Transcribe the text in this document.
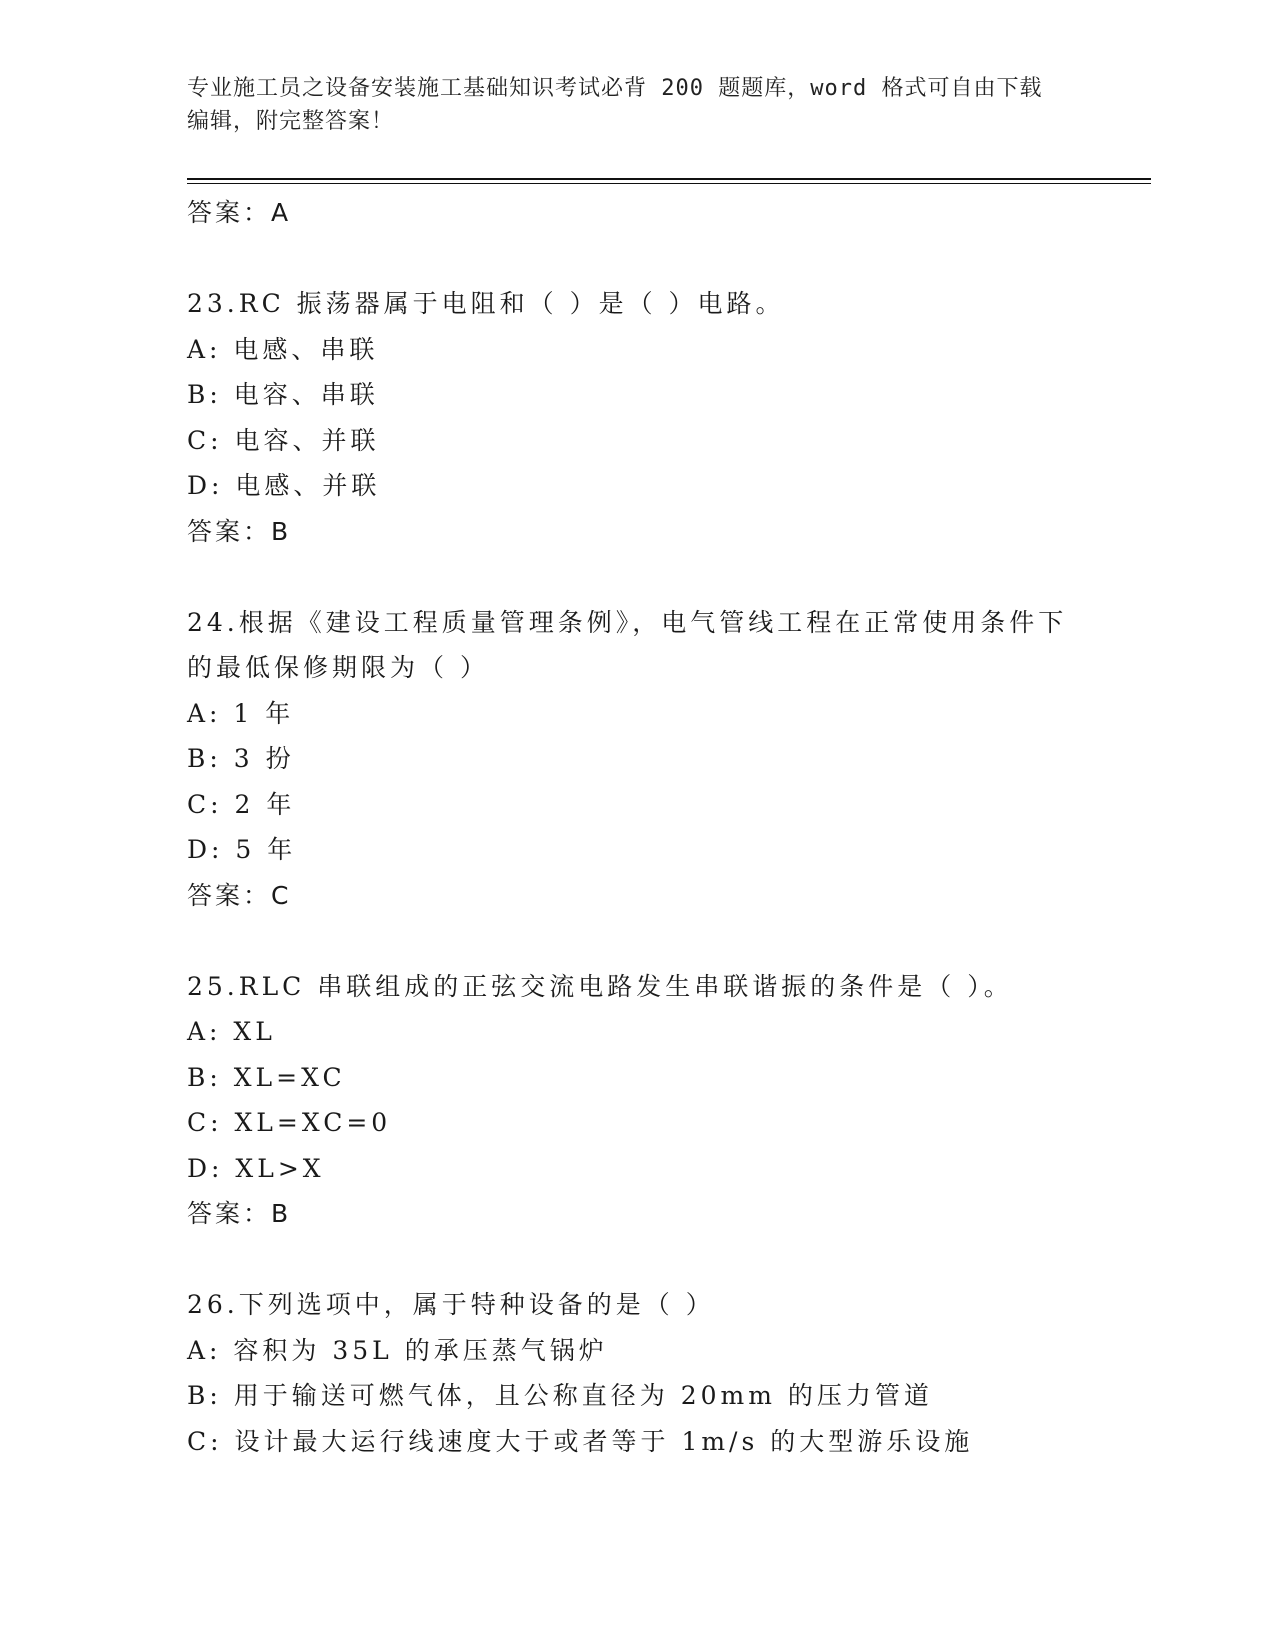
专业施工员之设备安装施工基础知识考试必背 200 题题库，word 格式可自由下载
编辑，附完整答案！
答案：A
23.RC 振荡器属于电阻和（ ）是（ ）电路。
A: 电感、串联
B: 电容、串联
C: 电容、并联
D: 电感、并联
答案：B
24.根据《建设工程质量管理条例》，电气管线工程在正常使用条件下
的最低保修期限为（ ）
A: 1 年
B: 3 扮
C: 2 年
D: 5 年
答案：C
25.RLC 串联组成的正弦交流电路发生串联谐振的条件是（ ）。
A: XL
B: XL=XC
C: XL=XC=0
D: XL>X
答案：B
26.下列选项中，属于特种设备的是（ ）
A: 容积为 35L 的承压蒸气锅炉
B: 用于输送可燃气体，且公称直径为 20mm 的压力管道
C: 设计最大运行线速度大于或者等于 1m/s 的大型游乐设施
